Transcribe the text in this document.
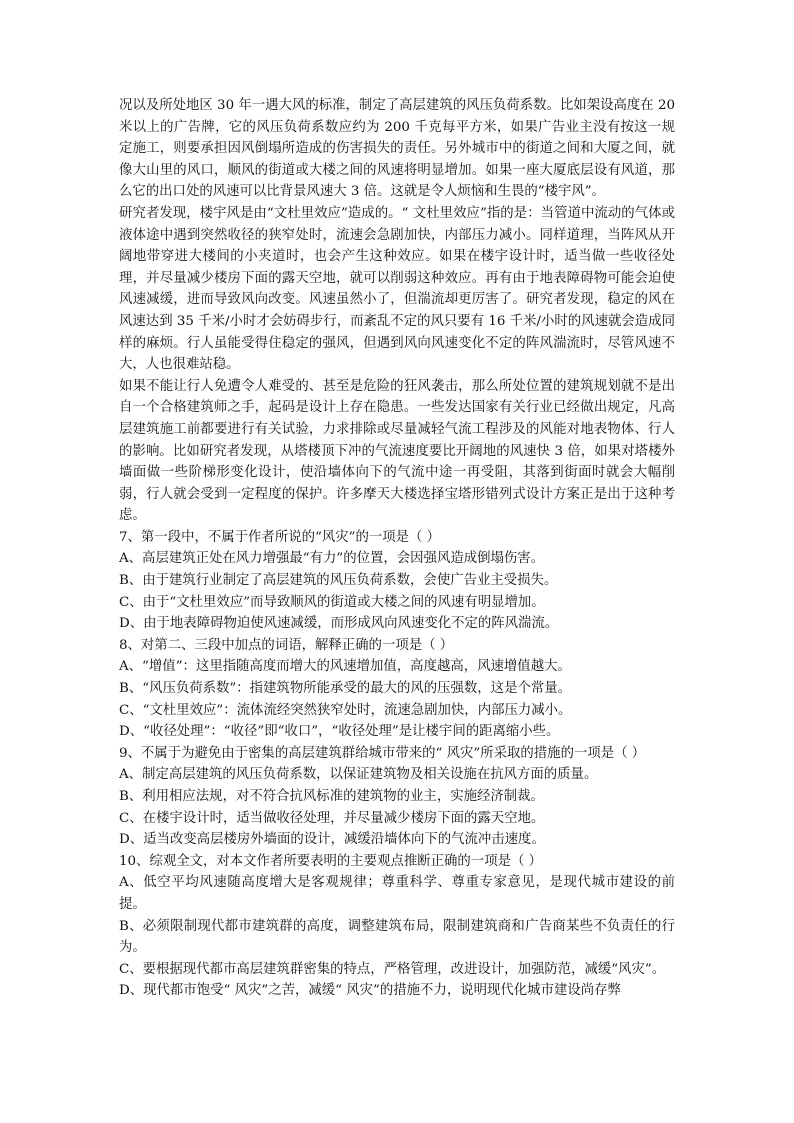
况以及所处地区 30 年一遇大风的标准，制定了高层建筑的风压负荷系数。比如架设高度在 20 米以上的广告牌，它的风压负荷系数应约为 200 千克每平方米，如果广告业主没有按这一规定施工，则要承担因风倒塌所造成的伤害损失的责任。另外城市中的街道之间和大厦之间，就像大山里的风口，顺风的街道或大楼之间的风速将明显增加。如果一座大厦底层设有风道，那么它的出口处的风速可以比背景风速大 3 倍。这就是令人烦恼和生畏的“楼宇风”。

研究者发现，楼宇风是由“文杜里效应”造成的。“ 文杜里效应”指的是：当管道中流动的气体或液体途中遇到突然收径的狭窄处时，流速会急剧加快，内部压力减小。同样道理，当阵风从开阔地带穿进大楼间的小夹道时，也会产生这种效应。如果在楼宇设计时，适当做一些收径处理，并尽量减少楼房下面的露天空地，就可以削弱这种效应。再有由于地表障碍物可能会迫使风速减缓，进而导致风向改变。风速虽然小了，但湍流却更厉害了。研究者发现，稳定的风在风速达到 35 千米/小时才会妨碍步行，而紊乱不定的风只要有 16 千米/小时的风速就会造成同样的麻烦。行人虽能受得住稳定的强风，但遇到风向风速变化不定的阵风湍流时，尽管风速不大，人也很难站稳。

如果不能让行人免遭令人难受的、甚至是危险的狂风袭击，那么所处位置的建筑规划就不是出自一个合格建筑师之手，起码是设计上存在隐患。一些发达国家有关行业已经做出规定，凡高层建筑施工前都要进行有关试验，力求排除或尽量减轻气流工程涉及的风能对地表物体、行人的影响。比如研究者发现，从塔楼顶下冲的气流速度要比开阔地的风速快 3 倍，如果对塔楼外墙面做一些阶梯形变化设计，使沿墙体向下的气流中途一再受阻，其落到街面时就会大幅削弱，行人就会受到一定程度的保护。许多摩天大楼选择宝塔形错列式设计方案正是出于这种考虑。

7、第一段中，不属于作者所说的“风灾”的一项是（ ）

A、高层建筑正处在风力增强最“有力”的位置，会因强风造成倒塌伤害。

B、由于建筑行业制定了高层建筑的风压负荷系数，会使广告业主受损失。

C、由于“文杜里效应”而导致顺风的街道或大楼之间的风速有明显增加。

D、由于地表障碍物迫使风速减缓，而形成风向风速变化不定的阵风湍流。

8、对第二、三段中加点的词语，解释正确的一项是（ ）

A、“增值”：这里指随高度而增大的风速增加值，高度越高，风速增值越大。

B、“风压负荷系数”：指建筑物所能承受的最大的风的压强数，这是个常量。

C、“文杜里效应”：流体流经突然狭窄处时，流速急剧加快，内部压力减小。

D、“收径处理”：“收径”即“收口”，“收径处理”是让楼宇间的距离缩小些。

9、不属于为避免由于密集的高层建筑群给城市带来的“ 风灾”所采取的措施的一项是（ ）

A、制定高层建筑的风压负荷系数，以保证建筑物及相关设施在抗风方面的质量。

B、利用相应法规，对不符合抗风标准的建筑物的业主，实施经济制裁。

C、在楼宇设计时，适当做收径处理，并尽量减少楼房下面的露天空地。

D、适当改变高层楼房外墙面的设计，减缓沿墙体向下的气流冲击速度。

10、综观全文，对本文作者所要表明的主要观点推断正确的一项是（ ）

A、低空平均风速随高度增大是客观规律；尊重科学、尊重专家意见，是现代城市建设的前提。

B、必须限制现代都市建筑群的高度，调整建筑布局，限制建筑商和广告商某些不负责任的行为。

C、要根据现代都市高层建筑群密集的特点，严格管理，改进设计，加强防范，减缓“风灾”。

D、现代都市饱受“ 风灾”之苦，减缓“ 风灾”的措施不力，说明现代化城市建设尚存弊
